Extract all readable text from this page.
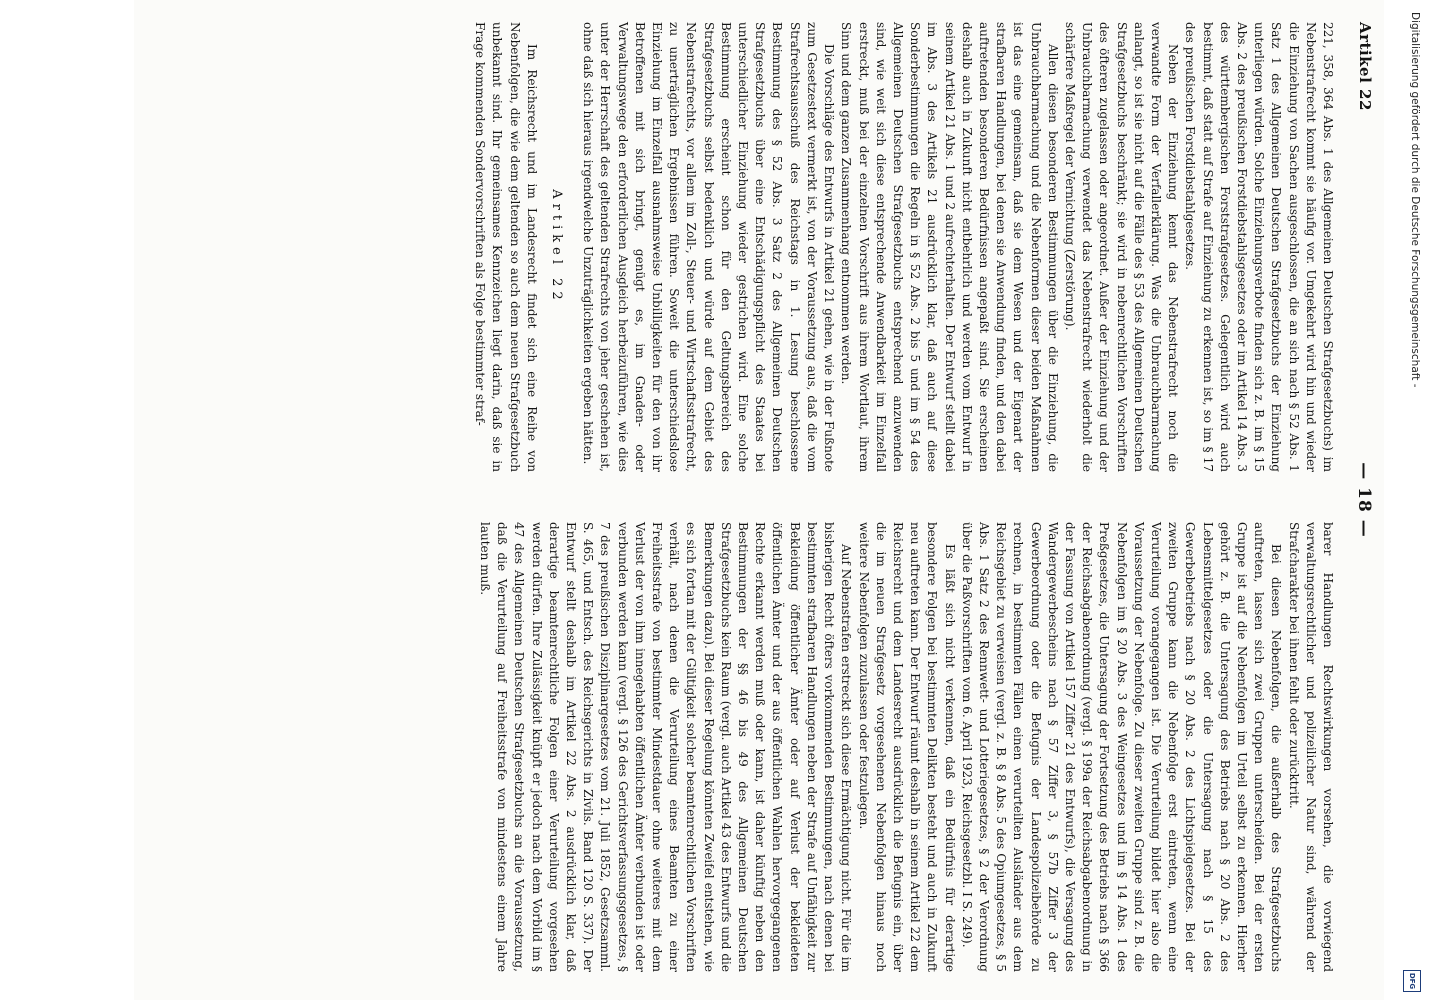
Artikel 22
— 18 —

221, 358, 364 Abs. 1 des Allgemeinen Deutschen Strafgesetzbuchs) im Nebenstrafrecht kommt sie häufig vor. Umgekehrt wird hin und wieder die Einziehung von Sachen ausgeschlossen, die an sich nach § 52 Abs. 1 Satz 1 des Allgemeinen Deutschen Strafgesetzbuchs der Einziehung unterliegen würden. Solche Einziehungsverbote finden sich z. B. im § 15 Abs. 2 des preußischen Forstdiebstahlsgesetzes oder im Artikel 14 Abs. 3 des württembergischen Forststrafgesetzes. Gelegentlich wird auch bestimmt, daß statt auf Strafe auf Einziehung zu erkennen ist, so im § 17 des preußischen Forstdiebstahlgesetzes.

Neben der Einziehung kennt das Nebenstrafrecht noch die verwandte Form der Verfallerklärung. Was die Unbrauchbarmachung anlangt, so ist sie nicht auf die Fälle des § 53 des Allgemeinen Deutschen Strafgesetzbuchs beschränkt; sie wird in nebenrechtlichen Vorschriften des öfteren zugelassen oder angeordnet. Außer der Einziehung und der Unbrauchbarmachung verwendet das Nebenstrafrecht wiederholt die schärfere Maßregel der Vernichtung (Zerstörung).

Allen diesen besonderen Bestimmungen über die Einziehung, die Unbrauchbarmachung und die Nebenformen dieser beiden Maßnahmen ist das eine gemeinsam, daß sie dem Wesen und der Eigenart der strafbaren Handlungen, bei denen sie Anwendung finden, und den dabei auftretenden besonderen Bedürfnissen angepaßt sind. Sie erscheinen deshalb auch in Zukunft nicht entbehrlich und werden vom Entwurf in seinem Artikel 21 Abs. 1 und 2 aufrechterhalten. Der Entwurf stellt dabei im Abs. 3 des Artikels 21 ausdrücklich klar, daß auch auf diese Sonderbestimmungen die Regeln in § 52 Abs. 2 bis 5 und im § 54 des Allgemeinen Deutschen Strafgesetzbuchs entsprechend anzuwenden sind, wie weit sich diese entsprechende Anwendbarkeit im Einzelfall erstreckt, muß bei der einzelnen Vorschrift aus ihrem Wortlaut, ihrem Sinn und dem ganzen Zusammenhang entnommen werden.

Die Vorschläge des Entwurfs in Artikel 21 gehen, wie in der Fußnote zum Gesetzestext vermerkt ist, von der Voraussetzung aus, daß die vom Strafrechtsausschuß des Reichstags in 1. Lesung beschlossene Bestimmung des § 52 Abs. 3 Satz 2 des Allgemeinen Deutschen Strafgesetzbuchs über eine Entschädigungspflicht des Staates bei unterschiedlicher Einziehung wieder gestrichen wird. Eine solche Bestimmung erscheint schon für den Geltungsbereich des Strafgesetzbuchs selbst bedenklich und würde auf dem Gebiet des Nebenstrafrechts, vor allem im Zoll-, Steuer- und Wirtschaftsstrafrecht, zu unerträglichen Ergebnissen führen. Soweit die unterschiedslose Einziehung im Einzelfall ausnahmsweise Unbilligkeiten für den von ihr Betroffenen mit sich bringt, genügt es, im Gnaden- oder Verwaltungswege den erforderlichen Ausgleich herbeizuführen, wie dies unter der Herrschaft des geltenden Strafrechts von jeher geschehen ist, ohne daß sich hieraus irgendwelche Unzuträglichkeiten ergeben hätten.

Artikel 22

Im Reichsrecht und im Landesrecht findet sich eine Reihe von Nebenfolgen, die wie dem geltenden so auch dem neuen Strafgesetzbuch unbekannt sind. Ihr gemeinsames Kennzeichen liegt darin, daß sie in Frage kommenden Sondervorschriften als Folge bestimmter straf-

barer Handlungen Rechtswirkungen vorsehen, die vorwiegend verwaltungsrechtlicher und polizeilicher Natur sind, während der Strafcharakter bei ihnen fehlt oder zurücktritt.

Bei diesen Nebenfolgen, die außerhalb des Strafgesetzbuchs auftreten, lassen sich zwei Gruppen unterscheiden. Bei der ersten Gruppe ist auf die Nebenfolgen im Urteil selbst zu erkennen. Hierher gehört z. B. die Untersagung des Betriebs nach § 20 Abs. 2 des Lebensmittelgesetzes oder die Untersagung nach § 15 des Gewerbebetriebs nach § 20 Abs. 2 des Lichtspielgesetzes. Bei der zweiten Gruppe kann die Nebenfolge erst eintreten, wenn eine Verurteilung vorangegangen ist. Die Verurteilung bildet hier also die Voraussetzung der Nebenfolge. Zu dieser zweiten Gruppe sind z. B. die Nebenfolgen im § 20 Abs. 3 des Weingesetzes und im § 14 Abs. 1 des Preßgesetzes, die Untersagung der Fortsetzung des Betriebs nach § 366 der Reichsabgabenordnung (vergl. § 199a der Reichsabgabenordnung in der Fassung von Artikel 157 Ziffer 21 des Entwurfs), die Versagung des Wandergewerbescheins nach § 57 Ziffer 3, § 57b Ziffer 3 der Gewerbeordnung oder die Befugnis der Landespolizeibehörde zu rechnen, in bestimmten Fällen einen verurteilten Ausländer aus dem Reichsgebiet zu verweisen (vergl. z. B. § 8 Abs. 5 des Opiumgesetzes, § 5 Abs. 1 Satz 2 des Rennwett- und Lotteriegesetzes, § 2 der Verordnung über die Paßvorschriften vom 6. April 1923, Reichsgesetzbl. I S. 249).

Es läßt sich nicht verkennen, daß ein Bedürfnis für derartige besondere Folgen bei bestimmten Delikten besteht und auch in Zukunft neu auftreten kann. Der Entwurf räumt deshalb in seinem Artikel 22 dem Reichsrecht und dem Landesrecht ausdrücklich die Befugnis ein, über die im neuen Strafgesetz vorgesehenen Nebenfolgen hinaus noch weitere Nebenfolgen zuzulassen oder festzulegen.

Auf Nebenstrafen erstreckt sich diese Ermächtigung nicht. Für die im bisherigen Recht öfters vorkommenden Bestimmungen, nach denen bei bestimmten strafbaren Handlungen neben der Strafe auf Unfähigkeit zur Bekleidung öffentlicher Ämter oder auf Verlust der bekleideten öffentlichen Ämter und der aus öffentlichen Wahlen hervorgegangenen Rechte erkannt werden muß oder kann, ist daher künftig neben den Bestimmungen der §§ 46 bis 49 des Allgemeinen Deutschen Strafgesetzbuchs kein Raum (vergl. auch Artikel 43 des Entwurfs und die Bemerkungen dazu). Bei dieser Regelung könnten Zweifel entstehen, wie es sich fortan mit der Gültigkeit solcher beamtenrechtlichen Vorschriften verhält, nach denen die Verurteilung eines Beamten zu einer Freiheitsstrafe von bestimmter Mindestdauer ohne weiteres mit dem Verlust der von ihm innegehabten öffentlichen Ämter verbunden ist oder verbunden werden kann (vergl. § 126 des Gerichtsverfassungsgesetzes, § 7 des preußischen Disziplinargesetzes vom 21. Juli 1852, Gesetzsamml. S. 465, und Entsch. des Reichsgerichts in Zivils. Band 120 S. 337). Der Entwurf stellt deshalb im Artikel 22 Abs. 2 ausdrücklich klar, daß derartige beamtenrechtliche Folgen einer Verurteilung vorgesehen werden dürfen. Ihre Zulässigkeit knüpft er jedoch nach dem Vorbild im § 47 des Allgemeinen Deutschen Strafgesetzbuchs an die Voraussetzung, daß die Verurteilung auf Freiheitsstrafe von mindestens einem Jahre lauten muß.

Digitalisierung gefördert durch die Deutsche Forschungsgemeinschaft -
DFG
